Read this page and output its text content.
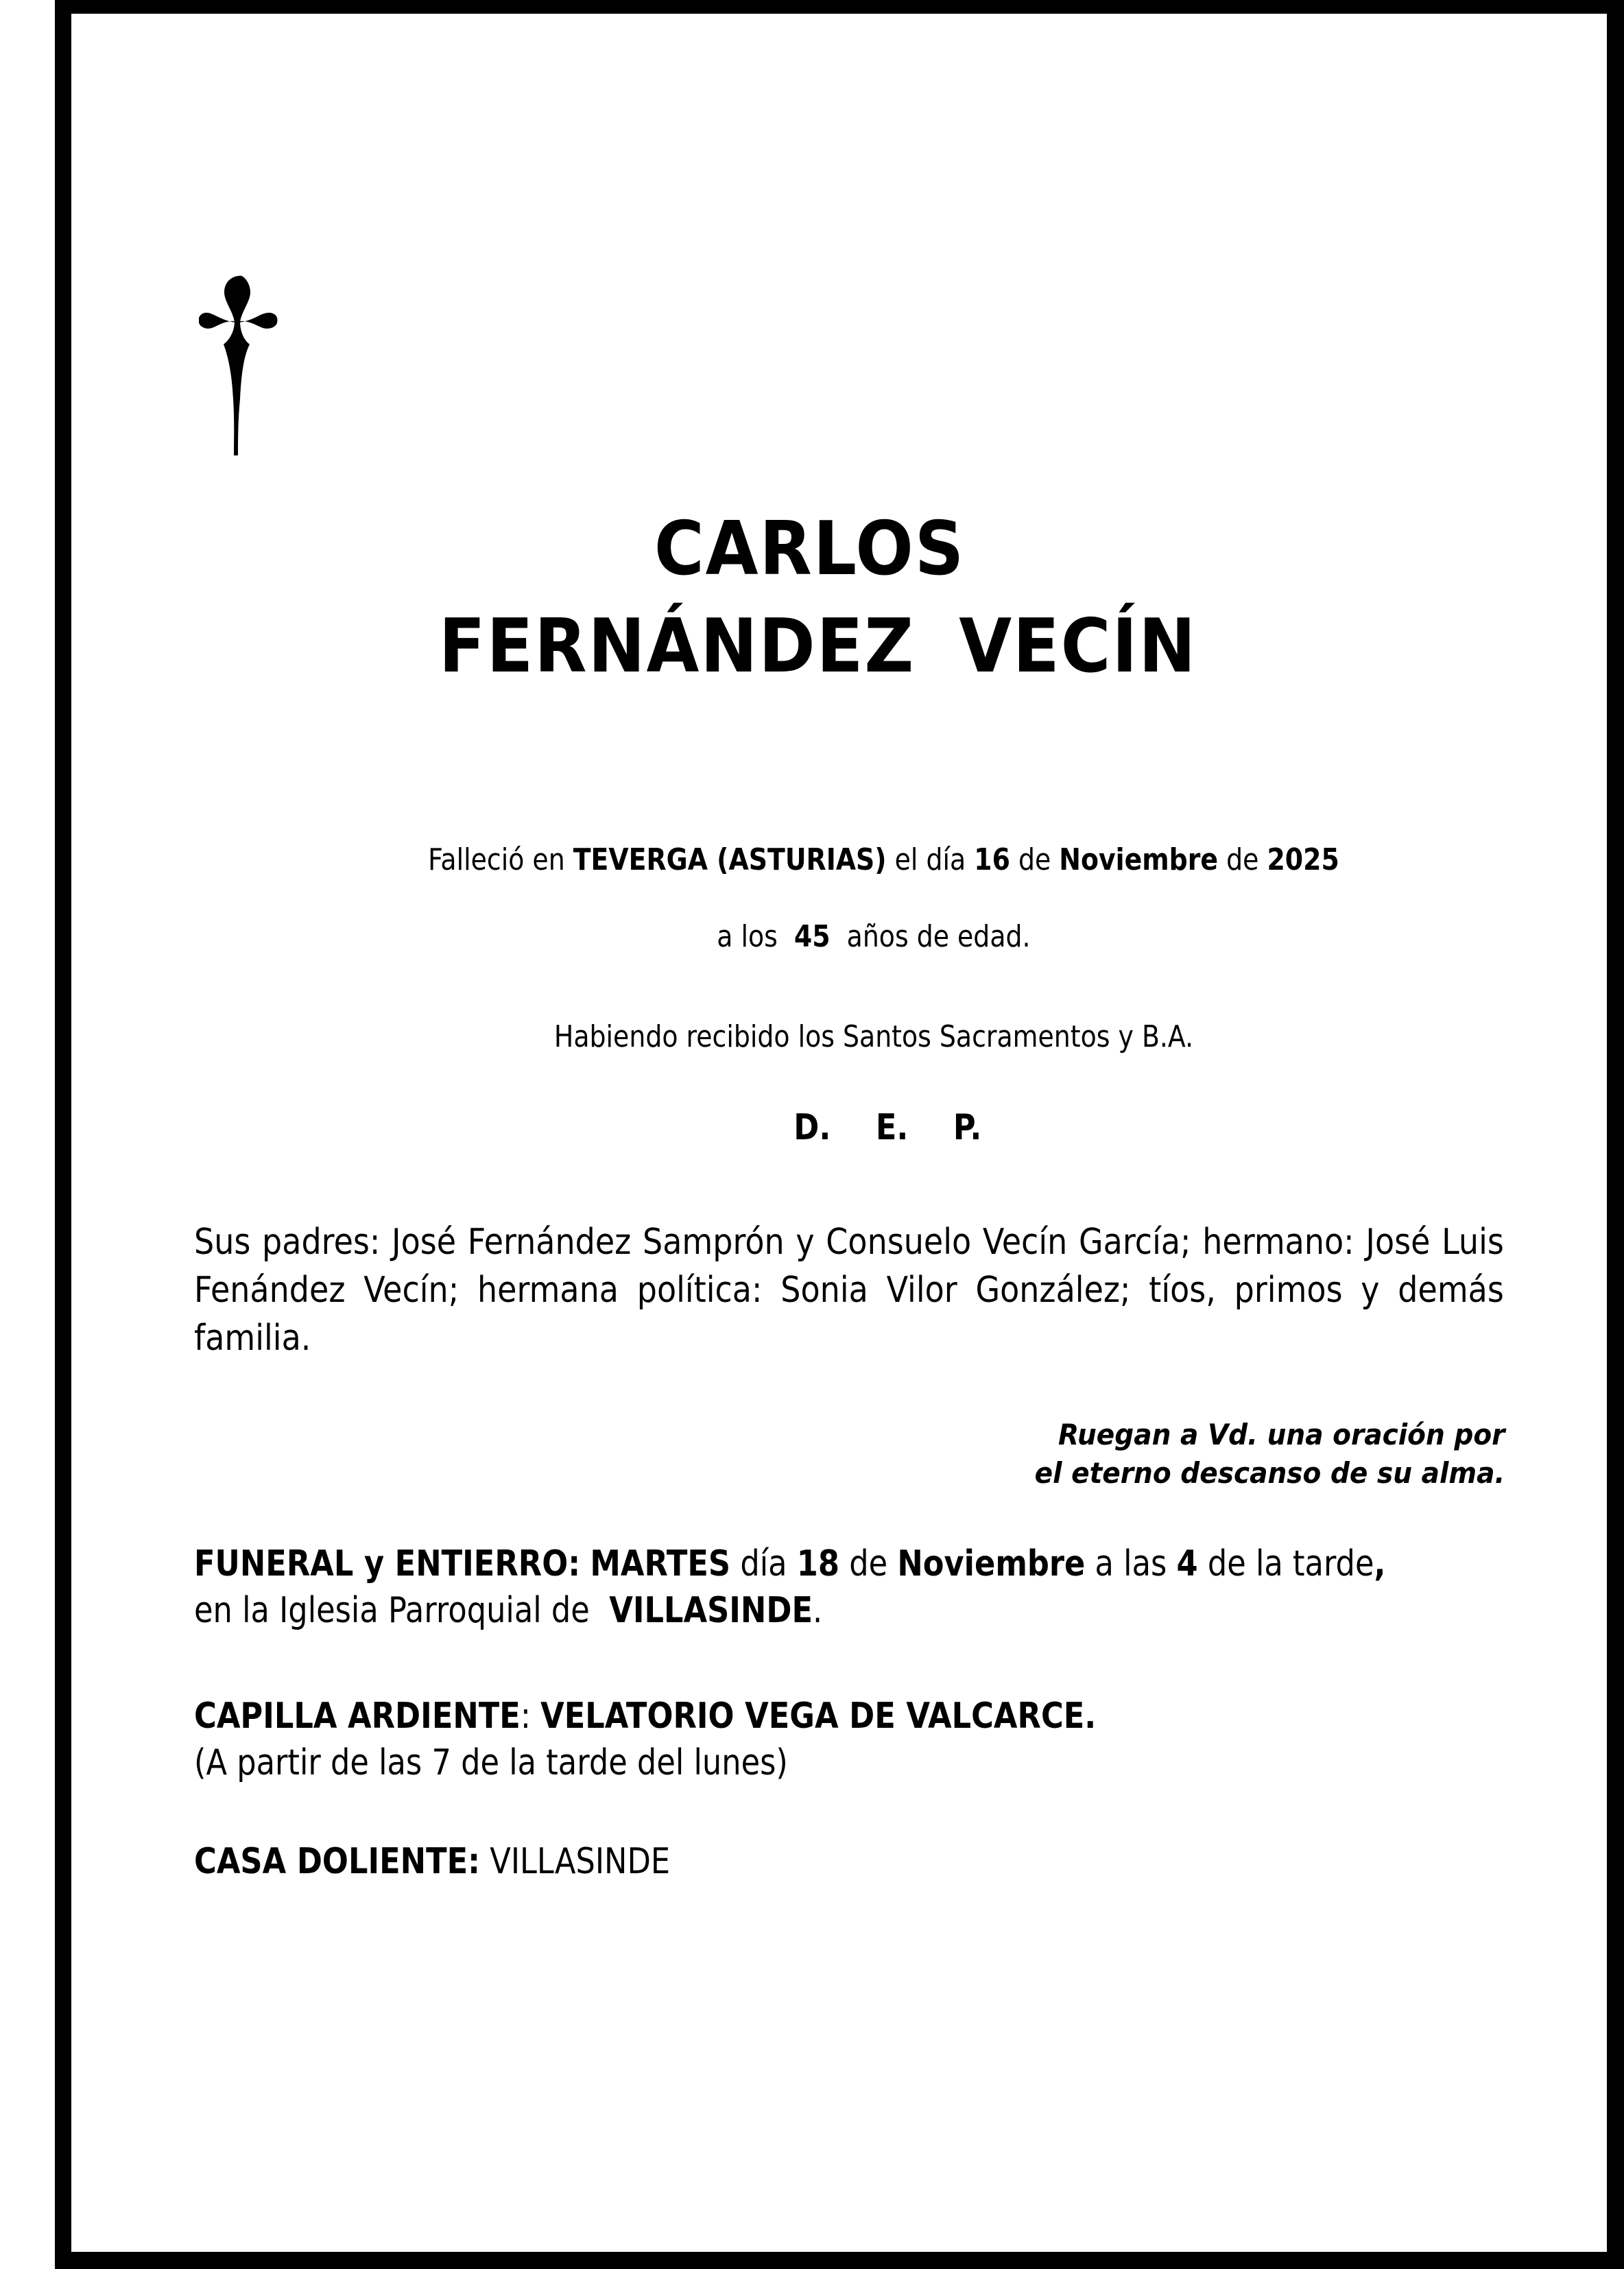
CARLOS
FERNÁNDEZ VECÍN
Falleció en TEVERGA (ASTURIAS) el día 16 de Noviembre de 2025
a los 45 años de edad.
Habiendo recibido los Santos Sacramentos y B.A.
D. E. P.
Sus padres: José Fernández Samprón y Consuelo Vecín García; hermano: José Luis Fenández Vecín; hermana política: Sonia Vilor González; tíos, primos y demás familia.
Ruegan a Vd. una oración por
el eterno descanso de su alma.
FUNERAL y ENTIERRO: MARTES día 18 de Noviembre a las 4 de la tarde,
en la Iglesia Parroquial de VILLASINDE.
CAPILLA ARDIENTE: VELATORIO VEGA DE VALCARCE.
(A partir de las 7 de la tarde del lunes)
CASA DOLIENTE: VILLASINDE
